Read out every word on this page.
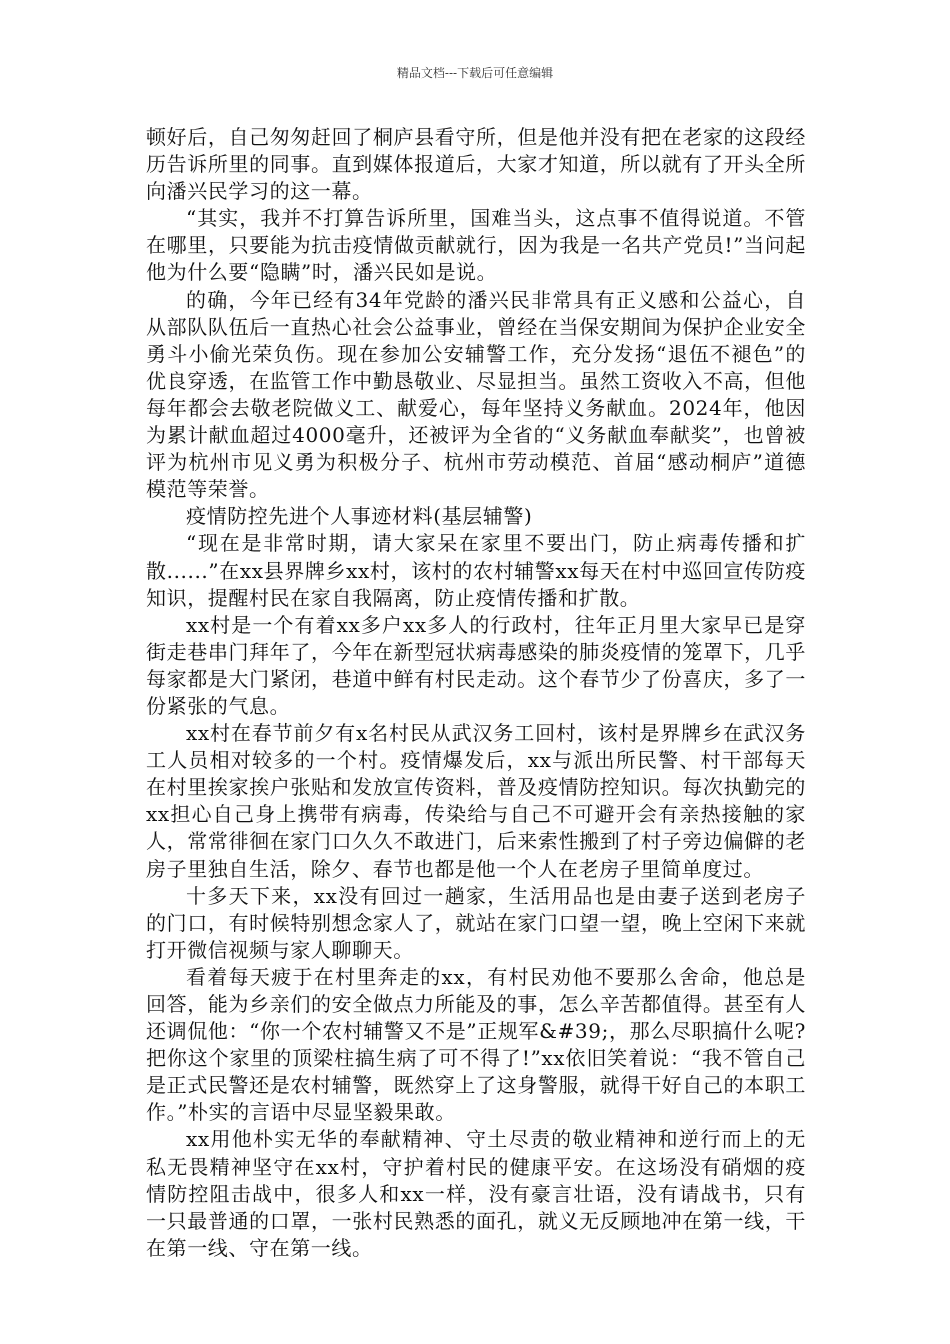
精品文档---下载后可任意编辑

顿好后，自己匆匆赶回了桐庐县看守所，但是他并没有把在老家的这段经历告诉所里的同事。直到媒体报道后，大家才知道，所以就有了开头全所向潘兴民学习的这一幕。

“其实，我并不打算告诉所里，国难当头，这点事不值得说道。不管在哪里，只要能为抗击疫情做贡献就行，因为我是一名共产党员!”当问起他为什么要“隐瞒”时，潘兴民如是说。

的确，今年已经有34年党龄的潘兴民非常具有正义感和公益心，自从部队队伍后一直热心社会公益事业，曾经在当保安期间为保护企业安全勇斗小偷光荣负伤。现在参加公安辅警工作，充分发扬“退伍不褪色”的优良穿透，在监管工作中勤恳敬业、尽显担当。虽然工资收入不高，但他每年都会去敬老院做义工、献爱心，每年坚持义务献血。2024年，他因为累计献血超过4000毫升，还被评为全省的“义务献血奉献奖”，也曾被评为杭州市见义勇为积极分子、杭州市劳动模范、首届“感动桐庐”道德模范等荣誉。

疫情防控先进个人事迹材料(基层辅警)

“现在是非常时期，请大家呆在家里不要出门，防止病毒传播和扩散......”在xx县界牌乡xx村，该村的农村辅警xx每天在村中巡回宣传防疫知识，提醒村民在家自我隔离，防止疫情传播和扩散。

xx村是一个有着xx多户xx多人的行政村，往年正月里大家早已是穿街走巷串门拜年了，今年在新型冠状病毒感染的肺炎疫情的笼罩下，几乎每家都是大门紧闭，巷道中鲜有村民走动。这个春节少了份喜庆，多了一份紧张的气息。

xx村在春节前夕有x名村民从武汉务工回村，该村是界牌乡在武汉务工人员相对较多的一个村。疫情爆发后，xx与派出所民警、村干部每天在村里挨家挨户张贴和发放宣传资料，普及疫情防控知识。每次执勤完的xx担心自己身上携带有病毒，传染给与自己不可避开会有亲热接触的家人，常常徘徊在家门口久久不敢进门，后来索性搬到了村子旁边偏僻的老房子里独自生活，除夕、春节也都是他一个人在老房子里简单度过。

十多天下来，xx没有回过一趟家，生活用品也是由妻子送到老房子的门口，有时候特别想念家人了，就站在家门口望一望，晚上空闲下来就打开微信视频与家人聊聊天。

看着每天疲于在村里奔走的xx，有村民劝他不要那么舍命，他总是回答，能为乡亲们的安全做点力所能及的事，怎么辛苦都值得。甚至有人还调侃他：“你一个农村辅警又不是”正规军&#39;，那么尽职搞什么呢?把你这个家里的顶梁柱搞生病了可不得了!”xx依旧笑着说：“我不管自己是正式民警还是农村辅警，既然穿上了这身警服，就得干好自己的本职工作。”朴实的言语中尽显坚毅果敢。

xx用他朴实无华的奉献精神、守土尽责的敬业精神和逆行而上的无私无畏精神坚守在xx村，守护着村民的健康平安。在这场没有硝烟的疫情防控阻击战中，很多人和xx一样，没有豪言壮语，没有请战书，只有一只最普通的口罩，一张村民熟悉的面孔，就义无反顾地冲在第一线，干在第一线、守在第一线。
